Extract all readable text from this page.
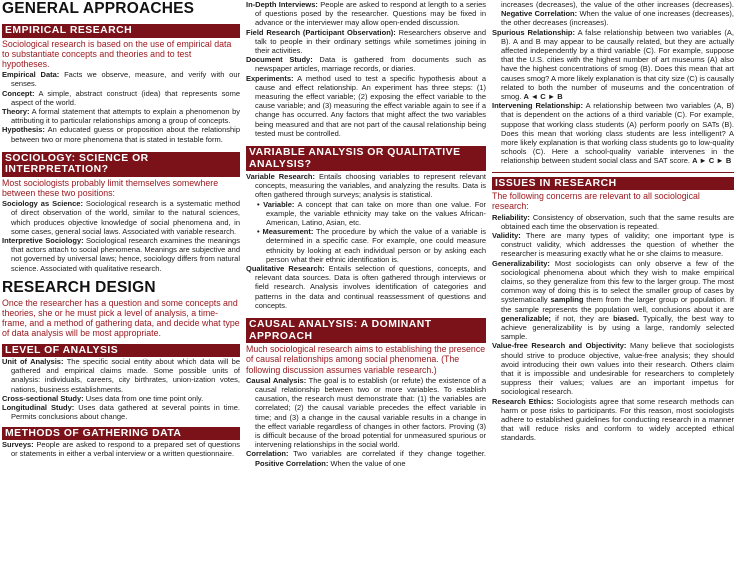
GENERAL APPROACHES
EMPIRICAL RESEARCH
Sociological research is based on the use of empirical data to substantiate concepts and theories and to test hypotheses.
Empirical Data: Facts we observe, measure, and verify with our senses.
Concept: A simple, abstract construct (idea) that represents some aspect of the world.
Theory: A formal statement that attempts to explain a phenomenon by attributing it to particular relationships among a group of concepts.
Hypothesis: An educated guess or proposition about the relationship between two or more phenomena that is stated in testable form.
SOCIOLOGY: SCIENCE OR INTERPRETATION?
Most sociologists probably limit themselves somewhere between these two positions:
Sociology as Science: Sociological research is a systematic method of direct observation of the world, similar to the natural sciences, which produces objective knowledge of social phenomena and, in some cases, general social laws. Associated with variable research.
Interpretive Sociology: Sociological research examines the meanings that actors attach to social phenomena. Meanings are subjective and not governed by universal laws; hence, sociology differs from natural science. Associated with qualitative research.
RESEARCH DESIGN
Once the researcher has a question and some concepts and theories, she or he must pick a level of analysis, a time-frame, and a method of gathering data, and decide what type of data analysis will be most appropriate.
LEVEL OF ANALYSIS
Unit of Analysis: The specific social entity about which data will be gathered and empirical claims made. Some possible units of analysis: individuals, careers, city birthrates, union-ization votes, nations, business establishments.
Cross-sectional Study: Uses data from one time point only.
Longitudinal Study: Uses data gathered at several points in time. Permits conclusions about change.
METHODS OF GATHERING DATA
Surveys: People are asked to respond to a prepared set of questions or statements in either a verbal interview or a written questionnaire.
In-Depth Interviews: People are asked to respond at length to a series of questions posed by the researcher. Questions may be fixed in advance or the interviewer may allow open-ended discussion.
Field Research (Participant Observation): Researchers observe and talk to people in their ordinary settings while sometimes joining in their activities.
Document Study: Data is gathered from documents such as newspaper articles, marriage records, or diaries.
Experiments: A method used to test a specific hypothesis about a cause and effect relationship. An experiment has three steps: (1) measuring the effect variable; (2) exposing the effect variable to the cause variable; and (3) measuring the effect variable again to see if a change has occurred. Any factors that might affect the two variables being measured and that are not part of the causal relationship being tested must be controlled.
VARIABLE ANALYSIS OR QUALITATIVE ANALYSIS?
Variable Research: Entails choosing variables to represent relevant concepts, measuring the variables, and analyzing the results. Data is often gathered through surveys; analysis is statistical.
• Variable: A concept that can take on more than one value. For example, the variable ethnicity may take on the values African-American, Latino, Asian, etc.
• Measurement: The procedure by which the value of a variable is determined in a specific case. For example, one could measure ethnicity by looking at each individual person or by asking each person what their ethnic identification is.
Qualitative Research: Entails selection of questions, concepts, and relevant data sources. Data is often gathered through interviews or field research. Analysis involves identification of categories and patterns in the data and continual reassessment of questions and concepts.
CAUSAL ANALYSIS: A DOMINANT APPROACH
Much sociological research aims to establishing the presence of causal relationships among social phenomena. (The following discussion assumes variable research.)
Causal Analysis: The goal is to establish (or refute) the existence of a causal relationship between two or more variables. To establish causation, the research must demonstrate that: (1) the variables are correlated; (2) the causal variable precedes the effect variable in time; and (3) a change in the causal variable results in a change in the effect variable regardless of changes in other factors. Proving (3) is difficult because of the broad potential for unmeasured spurious or intervening relationships in the social world.
Correlation: Two variables are correlated if they change together. Positive Correlation: When the value of one
increases (decreases), the value of the other increases (decreases). Negative Correlation: When the value of one increases (decreases), the other decreases (increases).
Spurious Relationship: A false relationship between two variables (A, B). A and B may appear to be causally related, but they are actually affected independently by a third variable (C). For example, suppose that the U.S. cities with the highest number of art museums (A) also have the highest concentrations of smog (B). Does this mean that art causes smog? A more likely explanation is that city size (C) is causally related to both the number of museums and the concentration of smog. A ◄ C ► B
Intervening Relationship: A relationship between two variables (A, B) that is dependent on the actions of a third variable (C). For example, suppose that working class students (A) perform poorly on SATs (B). Does this mean that working class students are less intelligent? A more likely explanation is that working class students go to low-quality schools (C). Here a school-quality variable intervenes in the relationship between student social class and SAT score. A ► C ► B
ISSUES IN RESEARCH
The following concerns are relevant to all sociological research:
Reliability: Consistency of observation, such that the same results are obtained each time the observation is repeated.
Validity: There are many types of validity; one important type is construct validity, which addresses the question of whether the researcher is measuring exactly what he or she claims to measure.
Generalizability: Most sociologists can only observe a few of the sociological phenomena about which they wish to make empirical claims, so they generalize from this few to the larger group. The most common way of doing this is to select the smaller group of cases by systematically sampling them from the larger group or population. If the sample represents the population well, conclusions about it are generalizable; if not, they are biased. Typically, the best way to achieve generalizability is by using a large, randomly selected sample.
Value-free Research and Objectivity: Many believe that sociologists should strive to produce objective, value-free analysis; they should avoid introducing their own values into their research. Others claim that it is impossible and undesirable for researchers to completely suppress their values; values are an important impetus for sociological research.
Research Ethics: Sociologists agree that some research methods can harm or pose risks to participants. For this reason, most sociologists adhere to established guidelines for conducting research in a manner that will reduce risks and conform to widely accepted ethical standards.
